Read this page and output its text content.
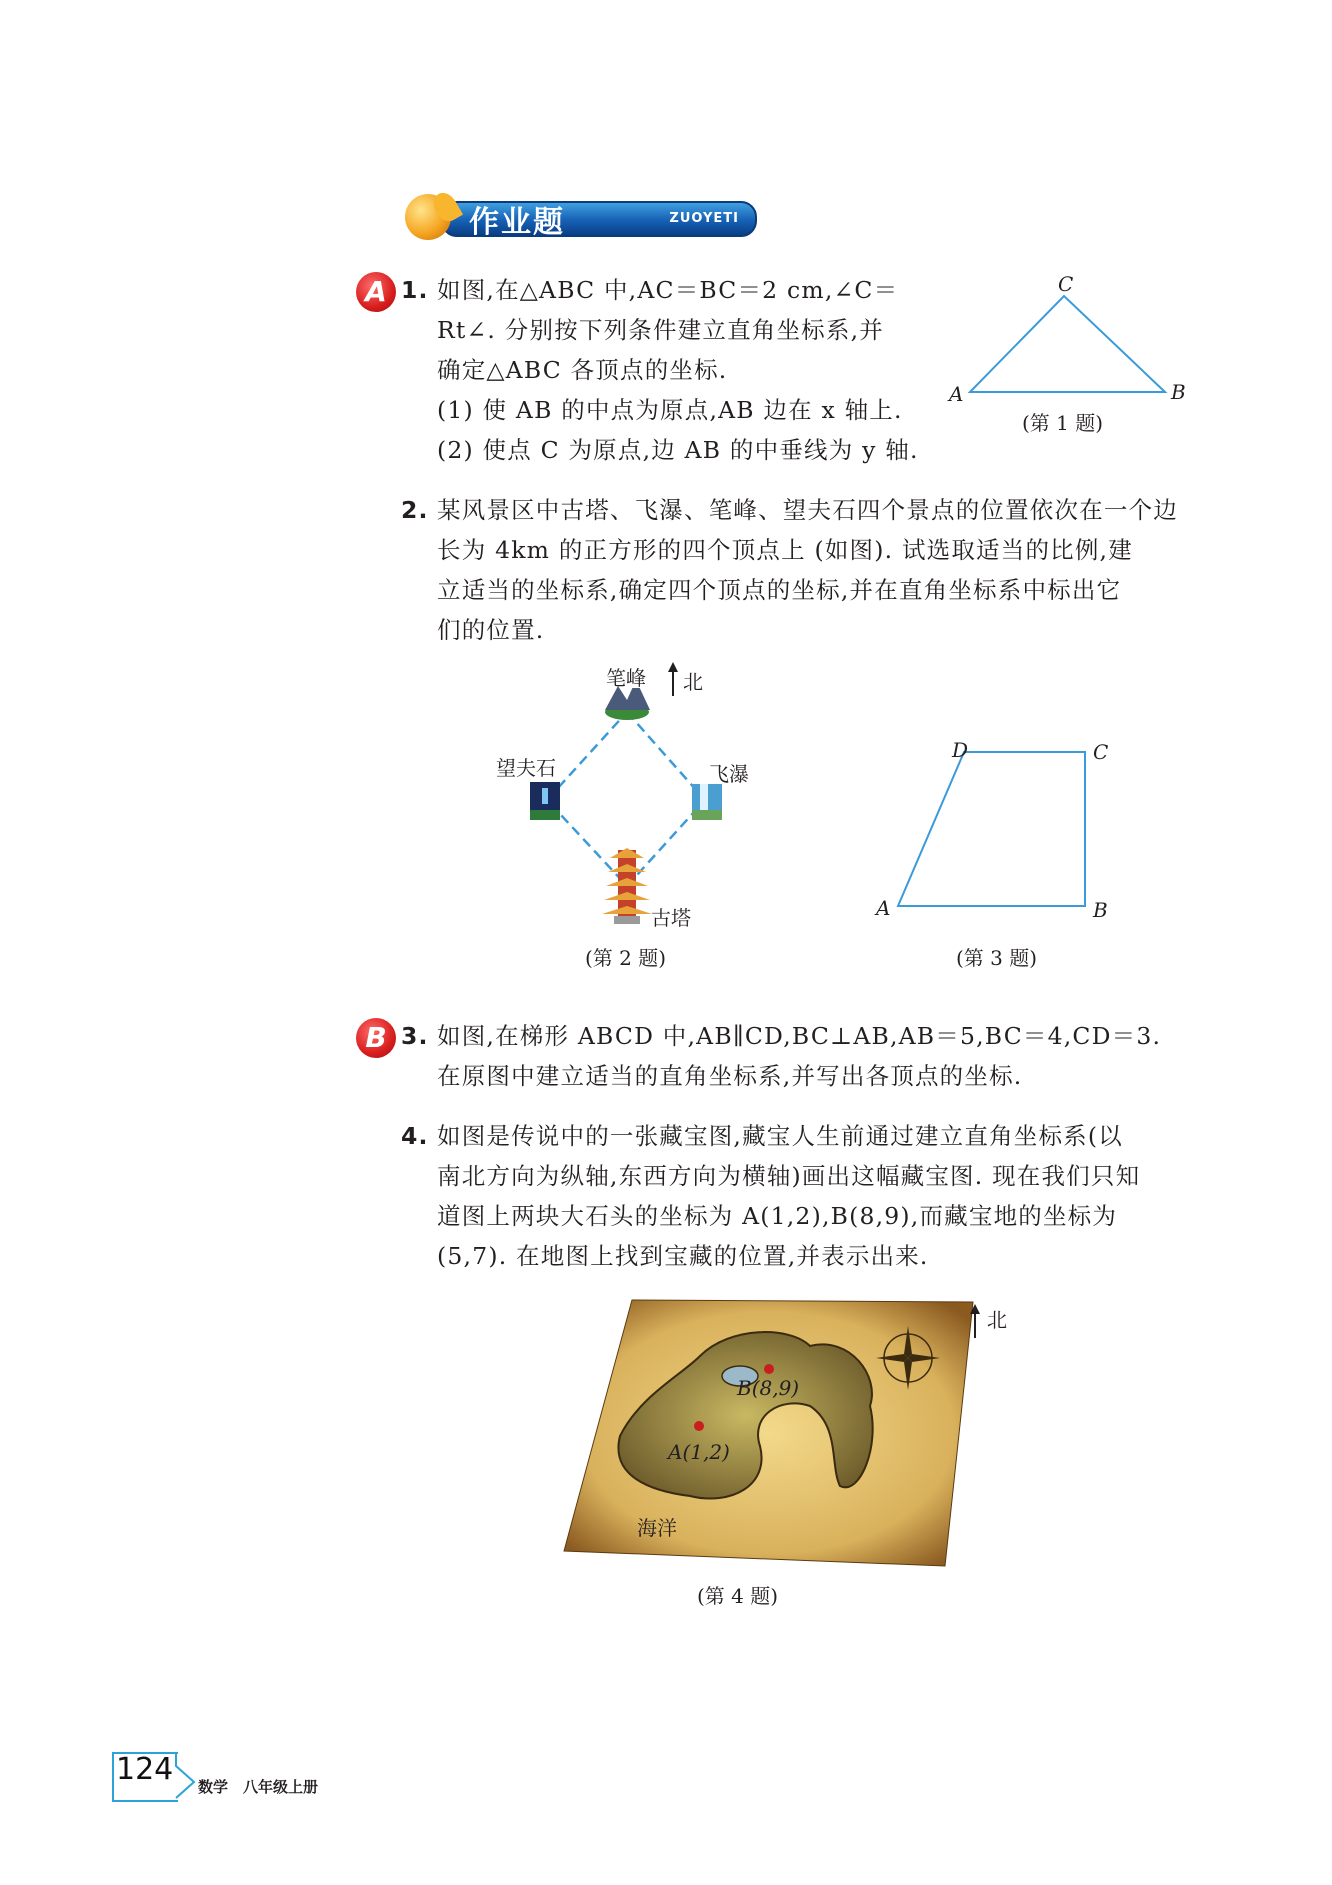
作业题	ZUOYETI
A 1. 如图,在△ABC 中,AC＝BC＝2 cm,∠C＝
Rt∠. 分别按下列条件建立直角坐标系,并
确定△ABC 各顶点的坐标.
(1) 使 AB 的中点为原点,AB 边在 x 轴上.
(2) 使点 C 为原点,边 AB 的中垂线为 y 轴.
C
A	B
(第 1 题)
2. 某风景区中古塔、飞瀑、笔峰、望夫石四个景点的位置依次在一个边
长为 4km 的正方形的四个顶点上 (如图). 试选取适当的比例,建
立适当的坐标系,确定四个顶点的坐标,并在直角坐标系中标出它
们的位置.
笔峰 北
望夫石	飞瀑
古塔
(第 2 题)
D	C
A	B
(第 3 题)
B 3. 如图,在梯形 ABCD 中,AB∥CD,BC⊥AB,AB＝5,BC＝4,CD＝3.
在原图中建立适当的直角坐标系,并写出各顶点的坐标.
4. 如图是传说中的一张藏宝图,藏宝人生前通过建立直角坐标系(以
南北方向为纵轴,东西方向为横轴)画出这幅藏宝图. 现在我们只知
道图上两块大石头的坐标为 A(1,2),B(8,9),而藏宝地的坐标为
(5,7). 在地图上找到宝藏的位置,并表示出来.
北
B(8,9)
A(1,2)
海洋
(第 4 题)
124 数学　八年级上册
